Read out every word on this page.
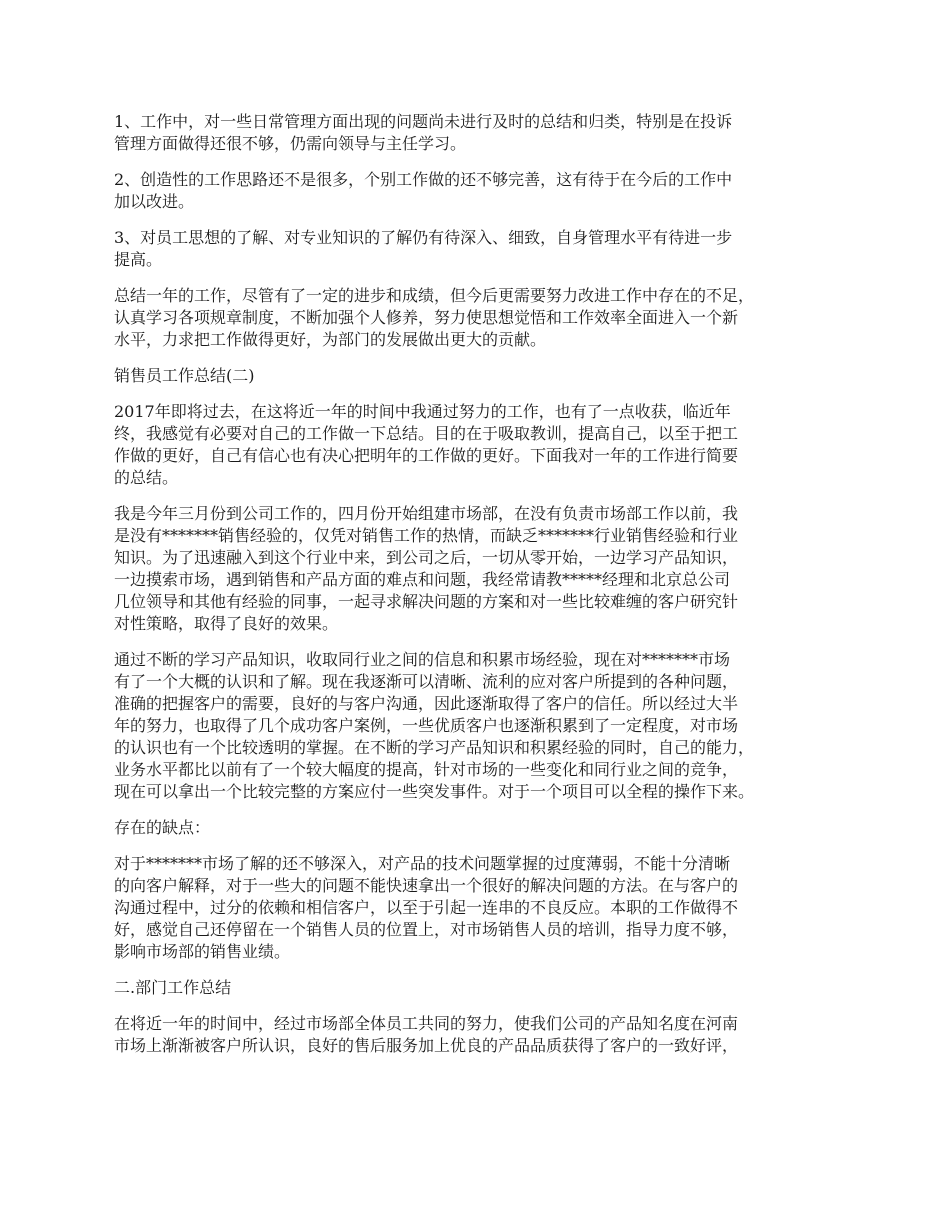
1、工作中，对一些日常管理方面出现的问题尚未进行及时的总结和归类，特别是在投诉
管理方面做得还很不够，仍需向领导与主任学习。

2、创造性的工作思路还不是很多，个别工作做的还不够完善，这有待于在今后的工作中
加以改进。

3、对员工思想的了解、对专业知识的了解仍有待深入、细致，自身管理水平有待进一步
提高。

总结一年的工作，尽管有了一定的进步和成绩，但今后更需要努力改进工作中存在的不足，
认真学习各项规章制度，不断加强个人修养，努力使思想觉悟和工作效率全面进入一个新
水平，力求把工作做得更好，为部门的发展做出更大的贡献。

销售员工作总结(二)

2017年即将过去，在这将近一年的时间中我通过努力的工作，也有了一点收获，临近年
终，我感觉有必要对自己的工作做一下总结。目的在于吸取教训，提高自己，以至于把工
作做的更好，自己有信心也有决心把明年的工作做的更好。下面我对一年的工作进行简要
的总结。

我是今年三月份到公司工作的，四月份开始组建市场部，在没有负责市场部工作以前，我
是没有*******销售经验的，仅凭对销售工作的热情，而缺乏*******行业销售经验和行业
知识。为了迅速融入到这个行业中来，到公司之后，一切从零开始，一边学习产品知识，
一边摸索市场，遇到销售和产品方面的难点和问题，我经常请教*****经理和北京总公司
几位领导和其他有经验的同事，一起寻求解决问题的方案和对一些比较难缠的客户研究针
对性策略，取得了良好的效果。

通过不断的学习产品知识，收取同行业之间的信息和积累市场经验，现在对*******市场
有了一个大概的认识和了解。现在我逐渐可以清晰、流利的应对客户所提到的各种问题，
准确的把握客户的需要，良好的与客户沟通，因此逐渐取得了客户的信任。所以经过大半
年的努力，也取得了几个成功客户案例，一些优质客户也逐渐积累到了一定程度，对市场
的认识也有一个比较透明的掌握。在不断的学习产品知识和积累经验的同时，自己的能力，
业务水平都比以前有了一个较大幅度的提高，针对市场的一些变化和同行业之间的竞争，
现在可以拿出一个比较完整的方案应付一些突发事件。对于一个项目可以全程的操作下来。

存在的缺点：

对于*******市场了解的还不够深入，对产品的技术问题掌握的过度薄弱，不能十分清晰
的向客户解释，对于一些大的问题不能快速拿出一个很好的解决问题的方法。在与客户的
沟通过程中，过分的依赖和相信客户，以至于引起一连串的不良反应。本职的工作做得不
好，感觉自己还停留在一个销售人员的位置上，对市场销售人员的培训，指导力度不够，
影响市场部的销售业绩。

二.部门工作总结

在将近一年的时间中，经过市场部全体员工共同的努力，使我们公司的产品知名度在河南
市场上渐渐被客户所认识，良好的售后服务加上优良的产品品质获得了客户的一致好评，
